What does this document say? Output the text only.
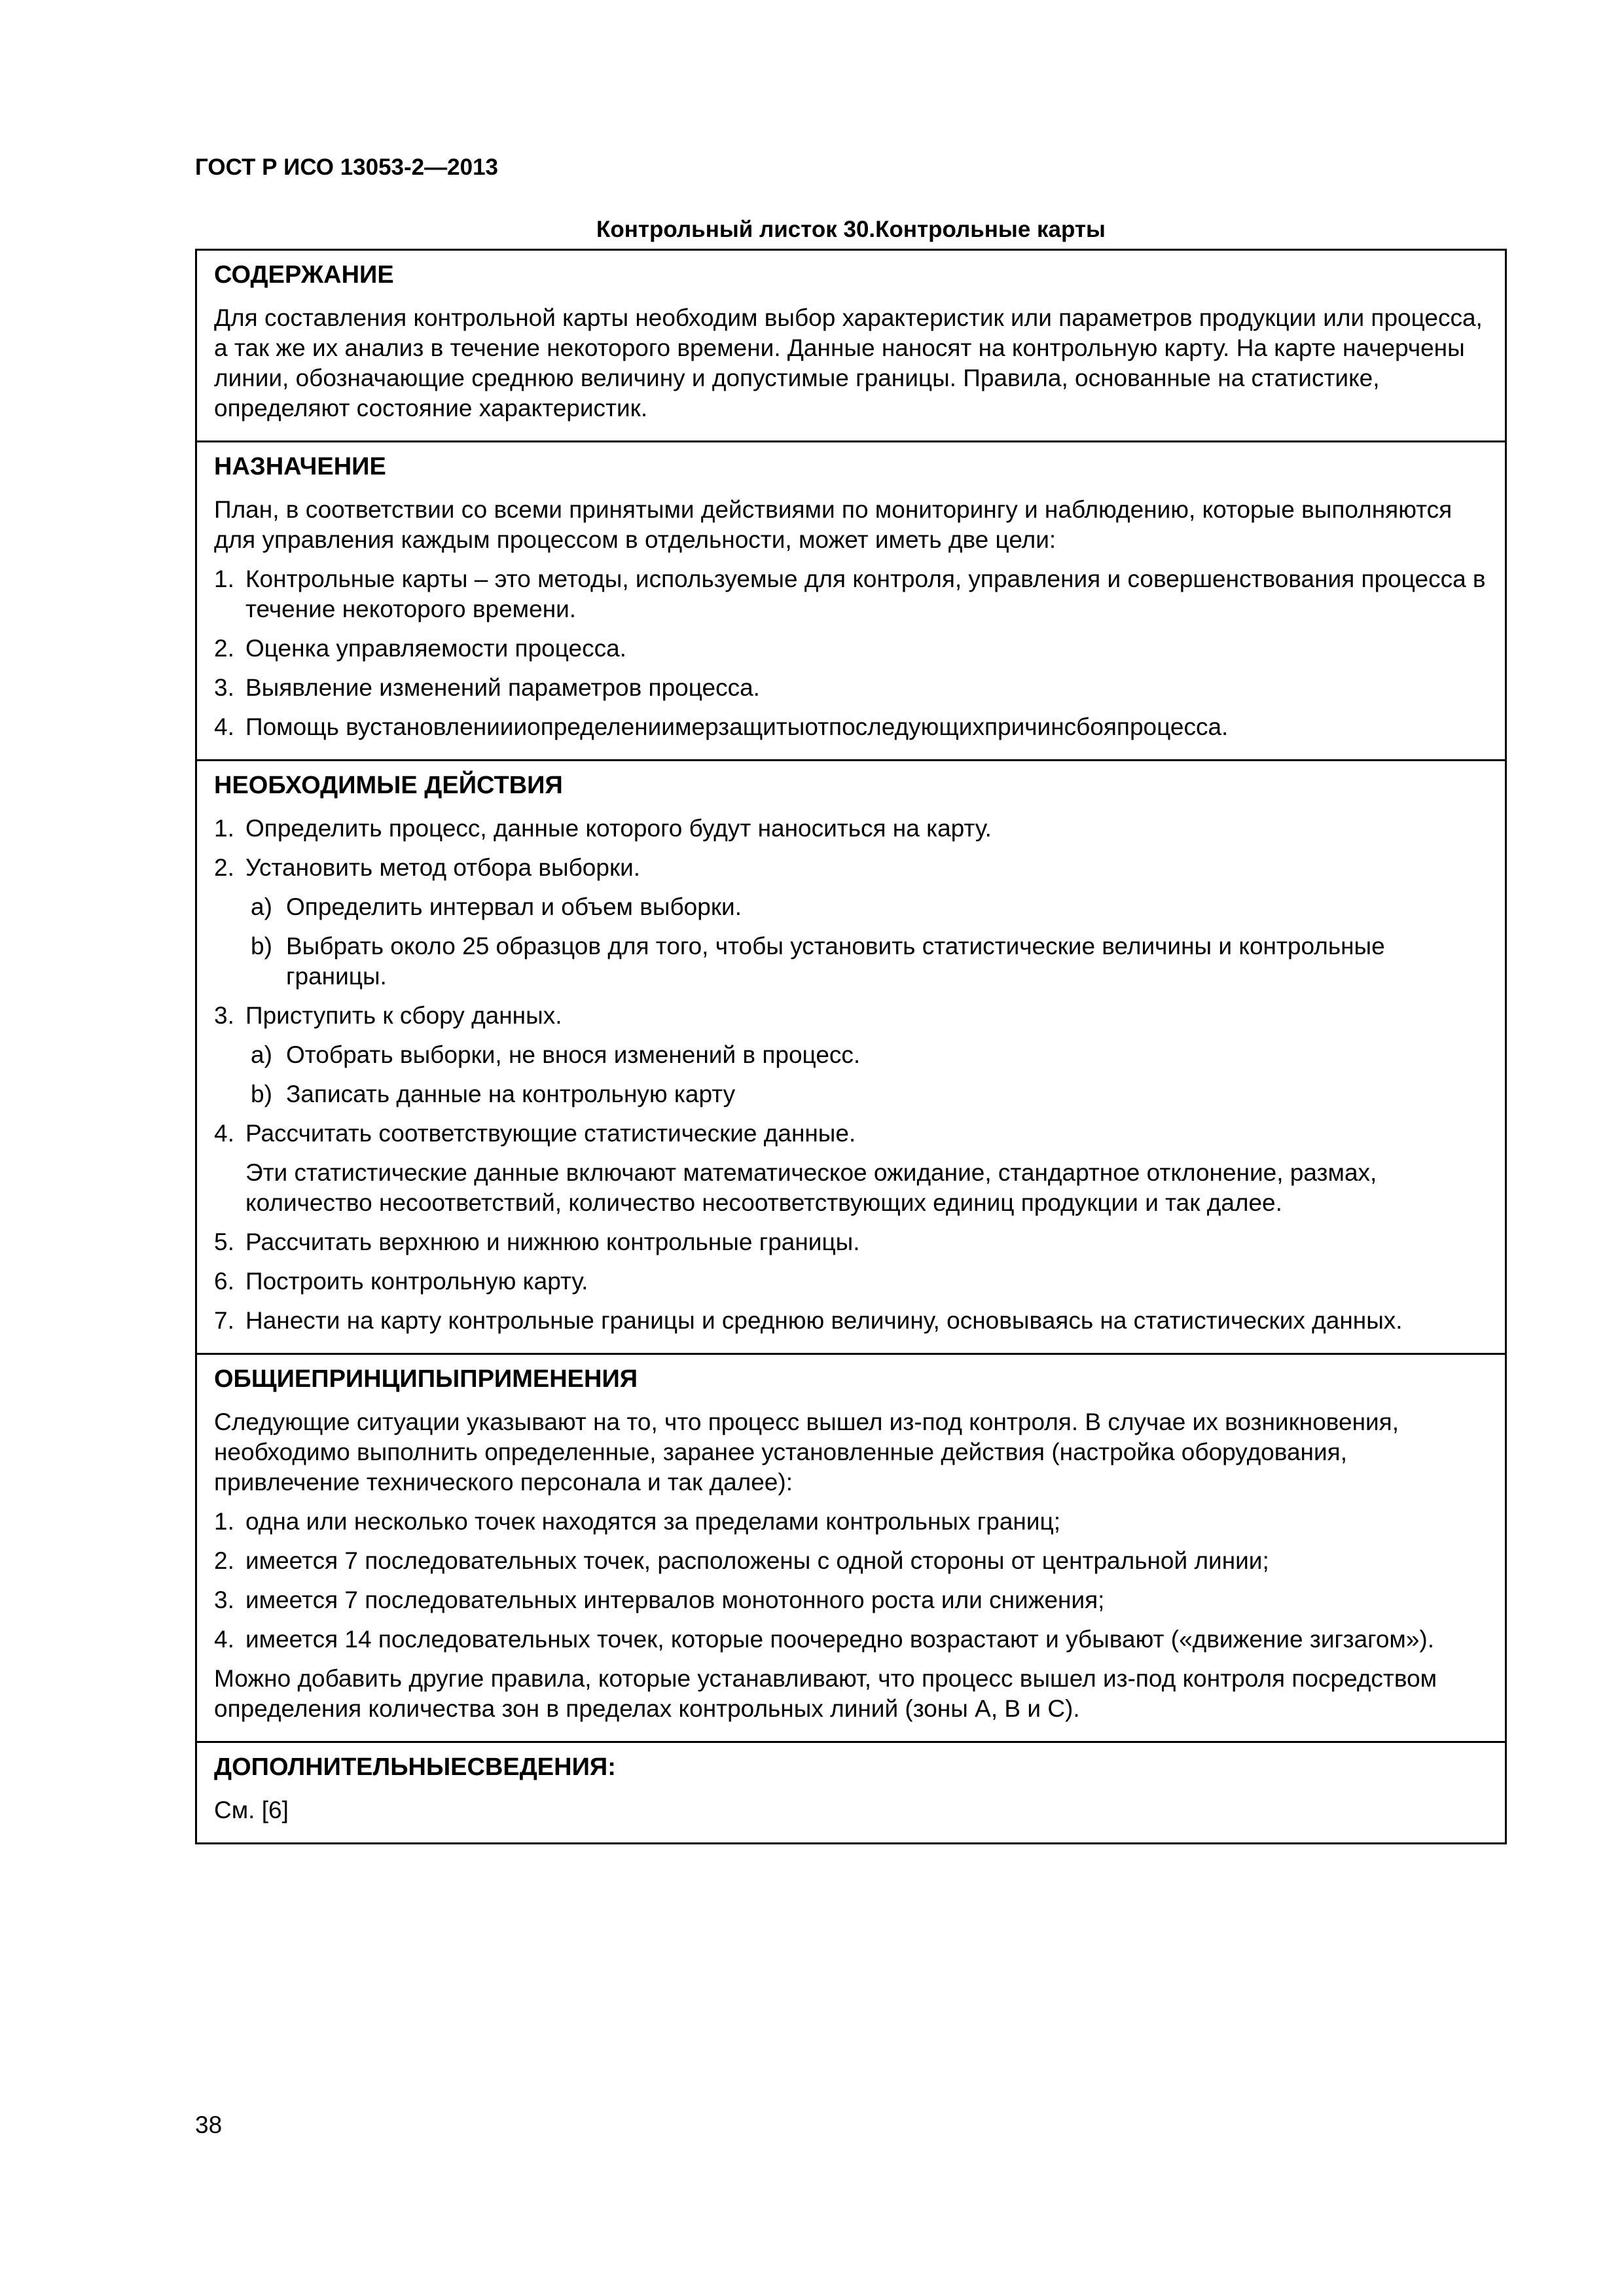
ГОСТ Р ИСО 13053-2—2013
Контрольный листок 30.Контрольные карты
СОДЕРЖАНИЕ
Для составления контрольной карты необходим выбор характеристик или параметров продукции или процесса, а так же их анализ в течение некоторого времени. Данные наносят на контрольную карту. На карте начерчены линии, обозначающие среднюю величину и допустимые границы. Правила, основанные на статистике, определяют состояние характеристик.
НАЗНАЧЕНИЕ
План, в соответствии со всеми принятыми действиями по мониторингу и наблюдению, которые выполняются для управления каждым процессом в отдельности, может иметь две цели:
1. Контрольные карты – это методы, используемые для контроля, управления и совершенствования процесса в течение некоторого времени.
2. Оценка управляемости процесса.
3. Выявление изменений параметров процесса.
4. Помощь вустановлениииопределениимерзащитыотпоследующихпричинсбояпроцесса.
НЕОБХОДИМЫЕ ДЕЙСТВИЯ
1. Определить процесс, данные которого будут наноситься на карту.
2. Установить метод отбора выборки.
a) Определить интервал и объем выборки.
b) Выбрать около 25 образцов для того, чтобы установить статистические величины и контрольные границы.
3. Приступить к сбору данных.
a) Отобрать выборки, не внося изменений в процесс.
b) Записать данные на контрольную карту
4. Рассчитать соответствующие статистические данные.
Эти статистические данные включают математическое ожидание, стандартное отклонение, размах, количество несоответствий, количество несоответствующих единиц продукции и так далее.
5. Рассчитать верхнюю и нижнюю контрольные границы.
6. Построить контрольную карту.
7. Нанести на карту контрольные границы и среднюю величину, основываясь на статистических данных.
ОБЩИЕПРИНЦИПЫПРИМЕНЕНИЯ
Следующие ситуации указывают на то, что процесс вышел из-под контроля. В случае их возникновения, необходимо выполнить определенные, заранее установленные действия (настройка оборудования, привлечение технического персонала и так далее):
1. одна или несколько точек находятся за пределами контрольных границ;
2. имеется 7 последовательных точек, расположены с одной стороны от центральной линии;
3. имеется 7 последовательных интервалов монотонного роста или снижения;
4. имеется 14 последовательных точек, которые поочередно возрастают и убывают («движение зигзагом»).
Можно добавить другие правила, которые устанавливают, что процесс вышел из-под контроля посредством определения количества зон в пределах контрольных линий (зоны A, B и C).
ДОПОЛНИТЕЛЬНЫЕСВЕДЕНИЯ:
См. [6]
38
